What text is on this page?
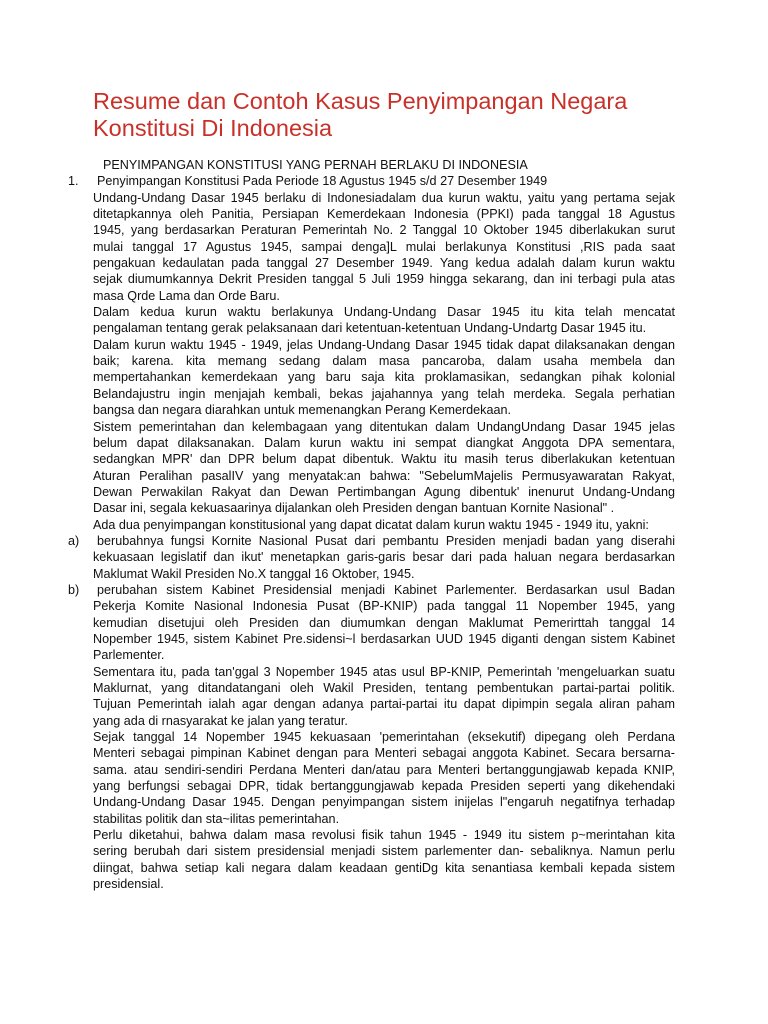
Resume dan Contoh Kasus Penyimpangan Negara
Konstitusi Di Indonesia
PENYIMPANGAN KONSTITUSI YANG PERNAH BERLAKU DI INDONESIA
1. Penyimpangan Konstitusi Pada Periode 18 Agustus 1945 s/d 27 Desember 1949
Undang-Undang Dasar 1945 berlaku di Indonesiadalam dua kurun waktu, yaitu yang pertama sejak
ditetapkannya oleh Panitia, Persiapan Kemerdekaan Indonesia (PPKI) pada tanggal 18 Agustus
1945, yang berdasarkan Peraturan Pemerintah No. 2 Tanggal 10 Oktober 1945 diberlakukan surut
mulai tanggal 17 Agustus 1945, sampai denga]L mulai berlakunya Konstitusi ,RIS pada saat
pengakuan kedaulatan pada tanggal 27 Desember 1949. Yang kedua adalah dalam kurun waktu
sejak diumumkannya Dekrit Presiden tanggal 5 Juli 1959 hingga sekarang, dan ini terbagi pula atas
masa Qrde Lama dan Orde Baru.
Dalam kedua kurun waktu berlakunya Undang-Undang Dasar 1945 itu kita telah mencatat
pengalaman tentang gerak pelaksanaan dari ketentuan-ketentuan Undang-Undartg Dasar 1945 itu.
Dalam kurun waktu 1945 - 1949, jelas Undang-Undang Dasar 1945 tidak dapat dilaksanakan dengan
baik; karena. kita memang sedang dalam masa pancaroba, dalam usaha membela dan
mempertahankan kemerdekaan yang baru saja kita proklamasikan, sedangkan pihak kolonial
Belandajustru ingin menjajah kembali, bekas jajahannya yang telah merdeka. Segala perhatian
bangsa dan negara diarahkan untuk memenangkan Perang Kemerdekaan.
Sistem pemerintahan dan kelembagaan yang ditentukan dalam UndangUndang Dasar 1945 jelas
belum dapat dilaksanakan. Dalam kurun waktu ini sempat diangkat Anggota DPA sementara,
sedangkan MPR' dan DPR belum dapat dibentuk. Waktu itu masih terus diberlakukan ketentuan
Aturan Peralihan pasalIV yang menyatak:an bahwa: "SebelumMajelis Permusyawaratan Rakyat,
Dewan Perwakilan Rakyat dan Dewan Pertimbangan Agung dibentuk' inenurut Undang-Undang
Dasar ini, segala kekuasaarinya dijalankan oleh Presiden dengan bantuan Kornite Nasional" .
Ada dua penyimpangan konstitusional yang dapat dicatat dalam kurun waktu 1945 - 1949 itu, yakni:
a) berubahnya fungsi Kornite Nasional Pusat dari pembantu Presiden menjadi badan yang diserahi
kekuasaan legislatif dan ikut' menetapkan garis-garis besar dari pada haluan negara berdasarkan
Maklumat Wakil Presiden No.X tanggal 16 Oktober, 1945.
b) perubahan sistem Kabinet Presidensial menjadi Kabinet Parlementer. Berdasarkan usul Badan
Pekerja Komite Nasional Indonesia Pusat (BP-KNIP) pada tanggal 11 Nopember 1945, yang
kemudian disetujui oleh Presiden dan diumumkan dengan Maklumat Pemerirttah tanggal 14
Nopember 1945, sistem Kabinet Pre.sidensi~l berdasarkan UUD 1945 diganti dengan sistem Kabinet
Parlementer.
Sementara itu, pada tan'ggal 3 Nopember 1945 atas usul BP-KNIP, Pemerintah 'mengeluarkan suatu
Maklurnat, yang ditandatangani oleh Wakil Presiden, tentang pembentukan partai-partai politik.
Tujuan Pemerintah ialah agar dengan adanya partai-partai itu dapat dipimpin segala aliran paham
yang ada di rnasyarakat ke jalan yang teratur.
Sejak tanggal 14 Nopember 1945 kekuasaan 'pemerintahan (eksekutif) dipegang oleh Perdana
Menteri sebagai pimpinan Kabinet dengan para Menteri sebagai anggota Kabinet. Secara bersarna-
sama. atau sendiri-sendiri Perdana Menteri dan/atau para Menteri bertanggungjawab kepada KNIP,
yang berfungsi sebagai DPR, tidak bertanggungjawab kepada Presiden seperti yang dikehendaki
Undang-Undang Dasar 1945. Dengan penyimpangan sistem inijelas l"engaruh negatifnya terhadap
stabilitas politik dan sta~ilitas pemerintahan.
Perlu diketahui, bahwa dalam masa revolusi fisik tahun 1945 - 1949 itu sistem p~merintahan kita
sering berubah dari sistem presidensial menjadi sistem parlementer dan- sebaliknya. Namun perlu
diingat, bahwa setiap kali negara dalam keadaan gentiDg kita senantiasa kembali kepada sistem
presidensial.
